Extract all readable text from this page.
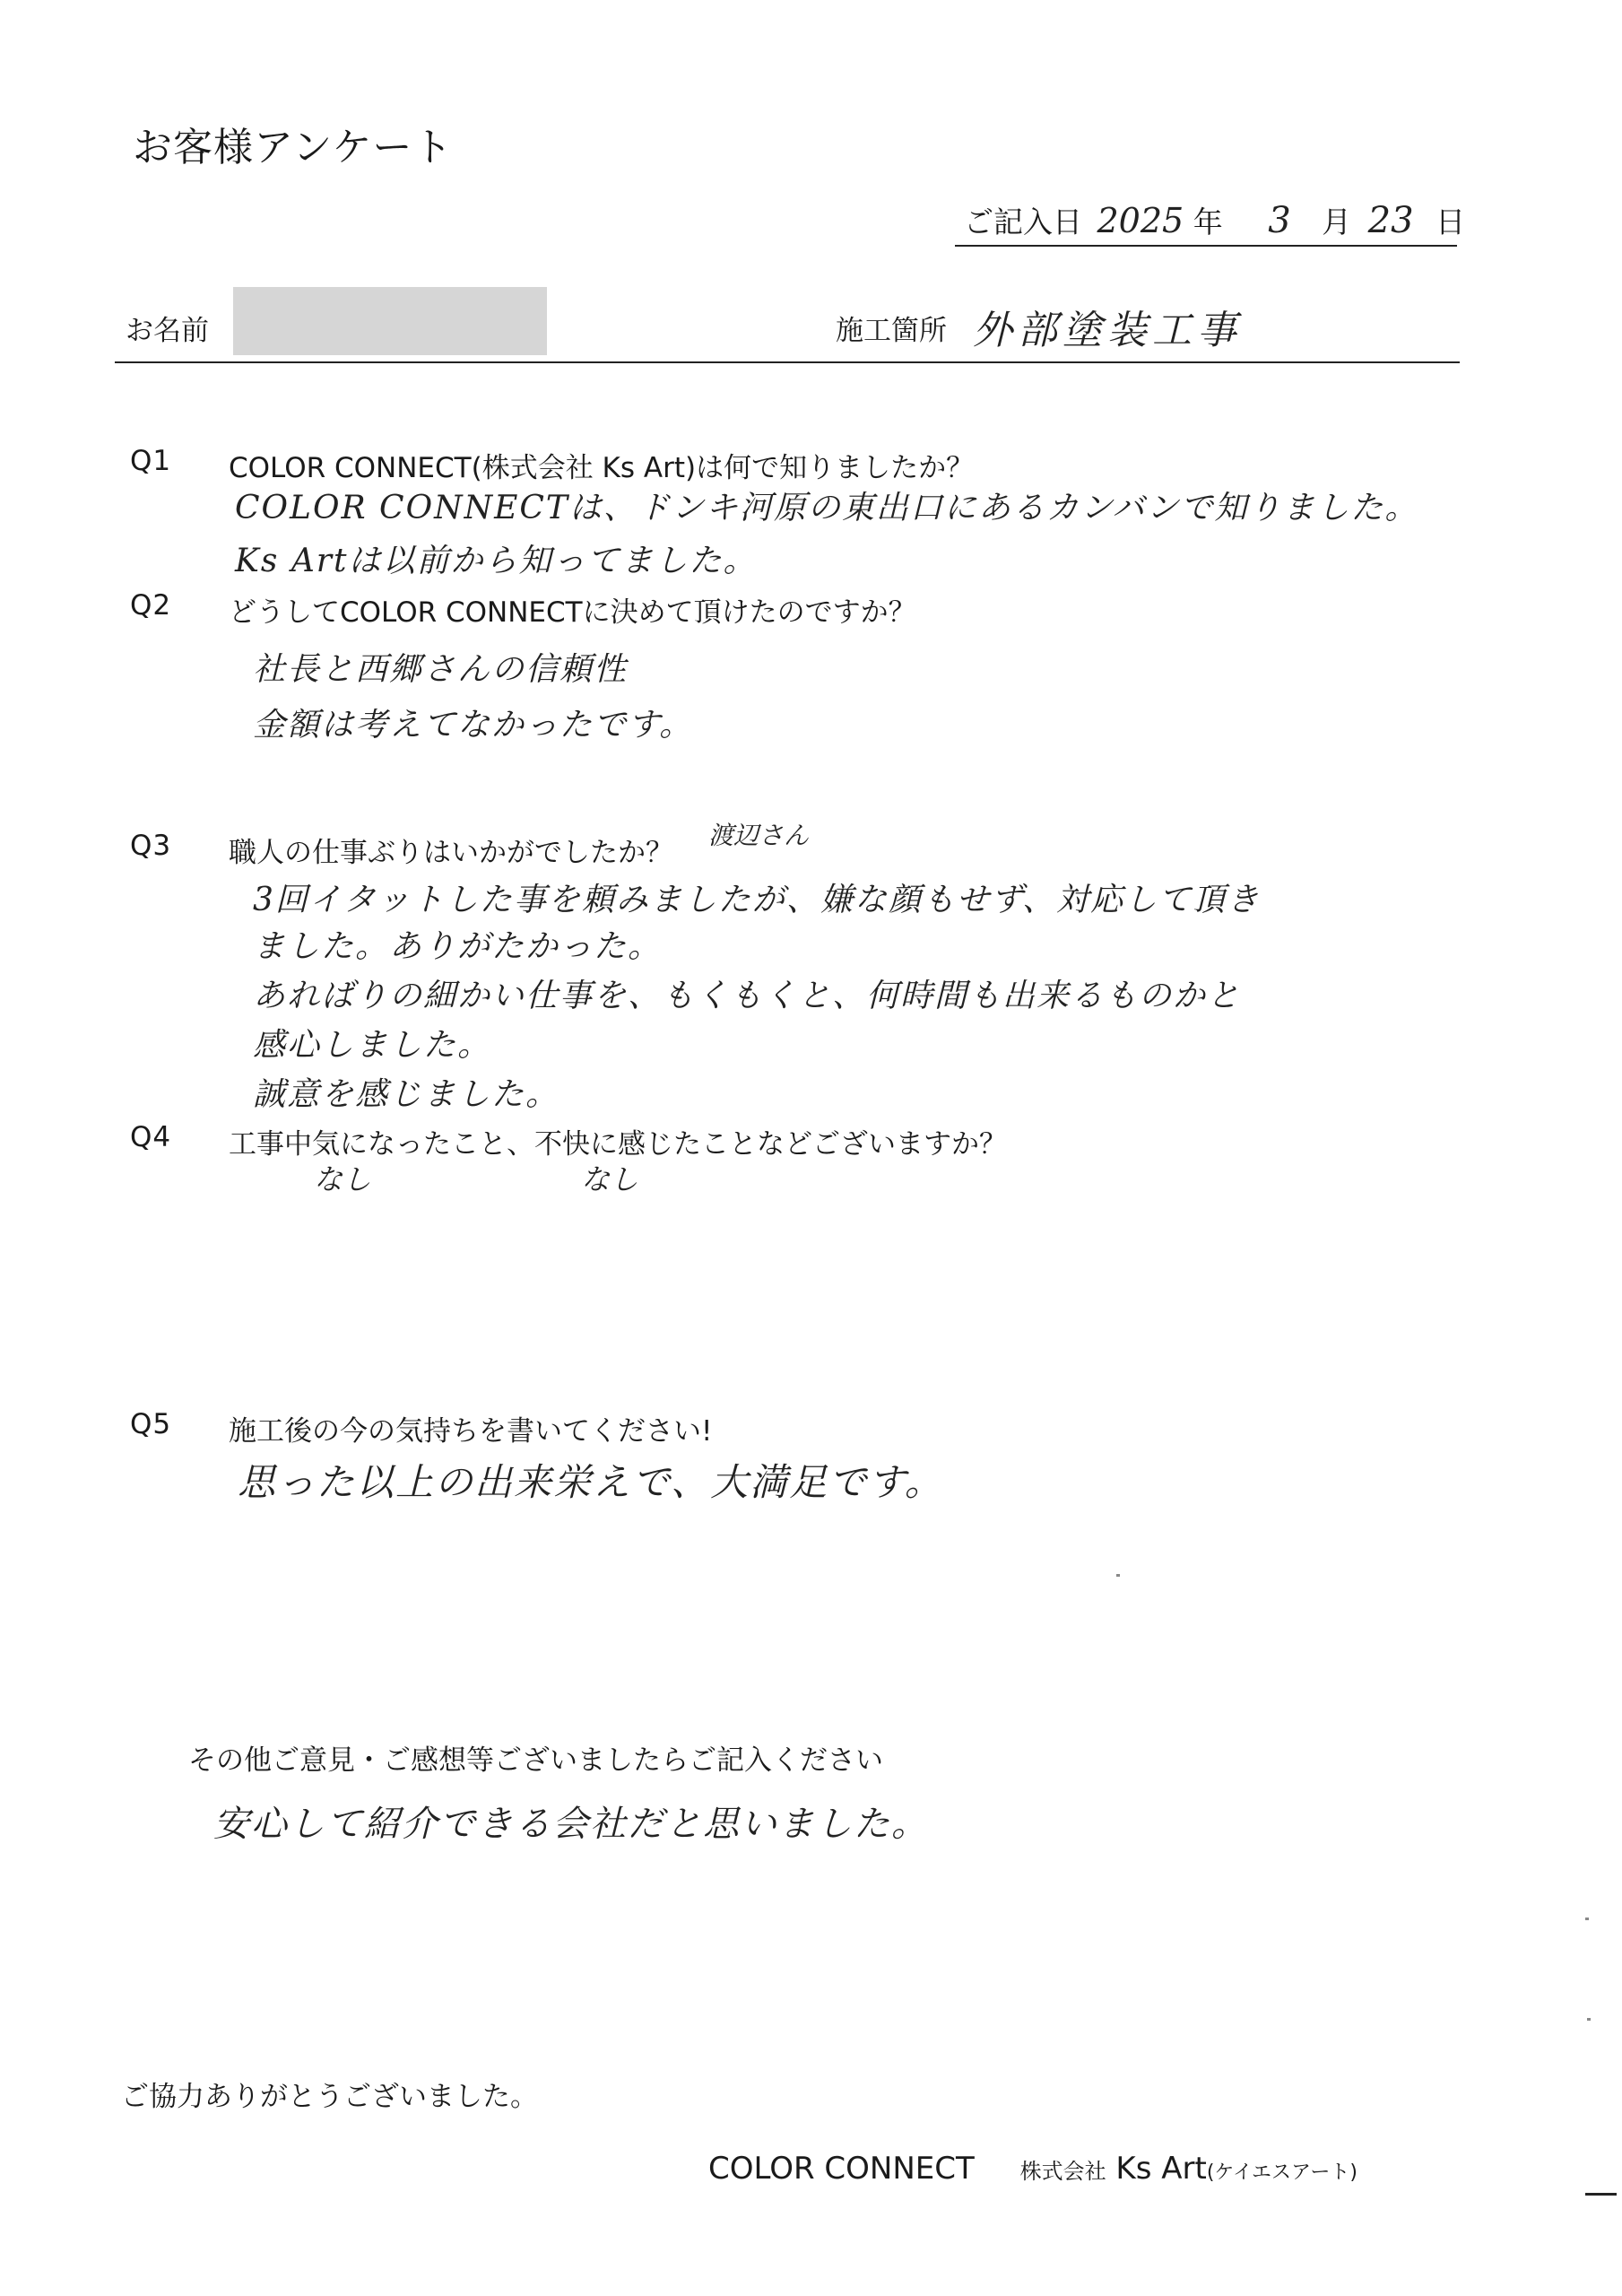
お客様アンケート
ご記入日 2025 年 3 月 23 日
お名前	施工箇所 外部塗装工事
Q1 COLOR CONNECT(株式会社 Ks Art)は何で知りましたか？
COLOR CONNECTは、ドンキ河原の東出口にあるカンバンで知りました。
Ks Artは以前から知ってました。
Q2 どうしてCOLOR CONNECTに決めて頂けたのですか？
社長と西郷さんの信頼性
金額は考えてなかったです。
Q3 職人の仕事ぶりはいかがでしたか？
渡辺さん
3回イタットした事を頼みましたが、嫌な顔もせず、対応して頂き
ました。ありがたかった。
あればりの細かい仕事を、もくもくと、何時間も出来るものかと
感心しました。
誠意を感じました。
Q4 工事中気になったこと、不快に感じたことなどございますか？
なし	なし
Q5 施工後の今の気持ちを書いてください!
思った以上の出来栄えで、大満足です。
その他ご意見・ご感想等ございましたらご記入ください
安心して紹介できる会社だと思いました。
ご協力ありがとうございました。
COLOR CONNECT 株式会社 Ks Art(ケイエスアート)
